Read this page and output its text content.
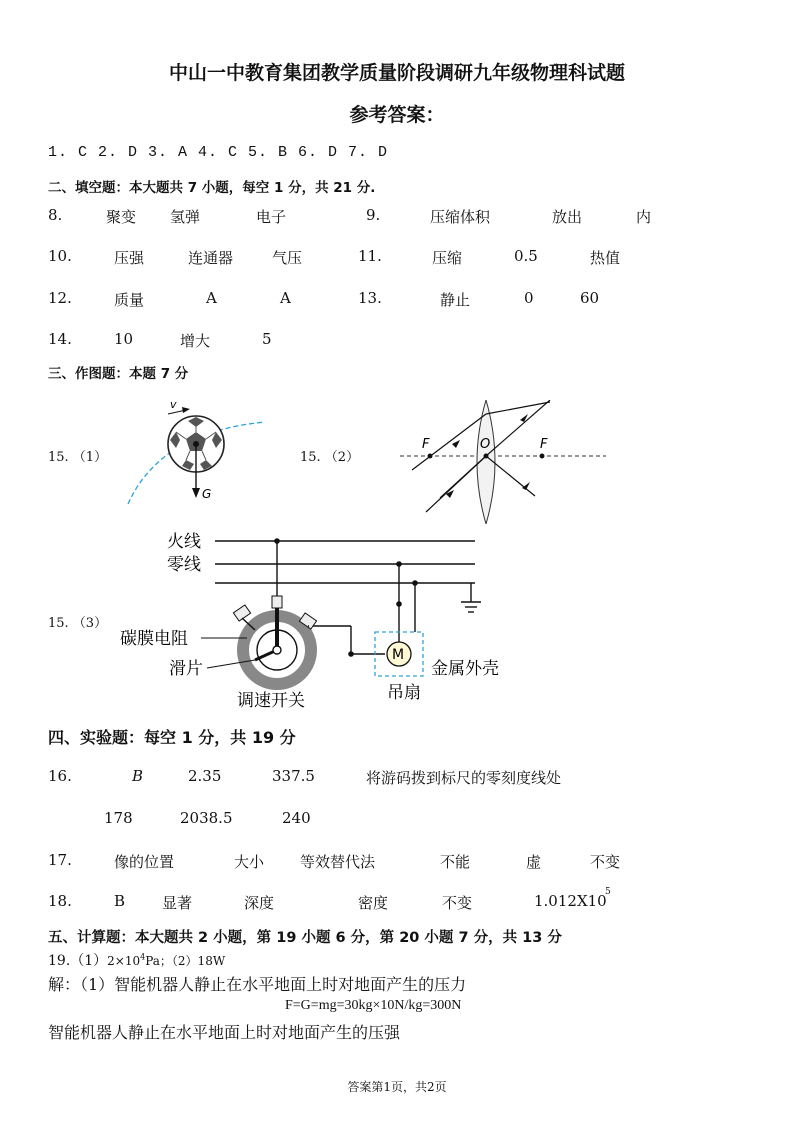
中山一中教育集团教学质量阶段调研九年级物理科试题
参考答案：
1. C 2. D 3. A 4. C 5. B 6. D 7. D
二、填空题：本大题共 7 小题，每空 1 分，共 21 分.
8.	聚变 氢弹	电子	9.	压缩体积	放出	内
10.	压强	连通器	气压	11.	压缩	0.5	热值
12.	质量	A	A	13.	静止	0	60
14.	10	增大	5
三、作图题：本题 7 分
15. （1）	15. （2）
15. （3）
G
v
F	O	F
火线
零线
M
金属外壳
吊扇
碳膜电阻
滑片
调速开关
四、实验题：每空 1 分，共 19 分
16.	B	2.35	337.5	将游码拨到标尺的零刻度线处
178	2038.5	240
17.	像的位置	大小 等效替代法	不能	虚	不变
18.	B 显著	深度	密度	不变	1.012X10
5
五、计算题：本大题共 2 小题，第 19 小题 6 分，第 20 小题 7 分，共 13 分
$19.(1)2\times 10^4Pa$；（2）18W
解：（1）智能机器人静止在水平地面上时对地面产生的压力
F=G=mg=30kg×10N/kg=300N
智能机器人静止在水平地面上时对地面产生的压强
答案第1页，共2页
